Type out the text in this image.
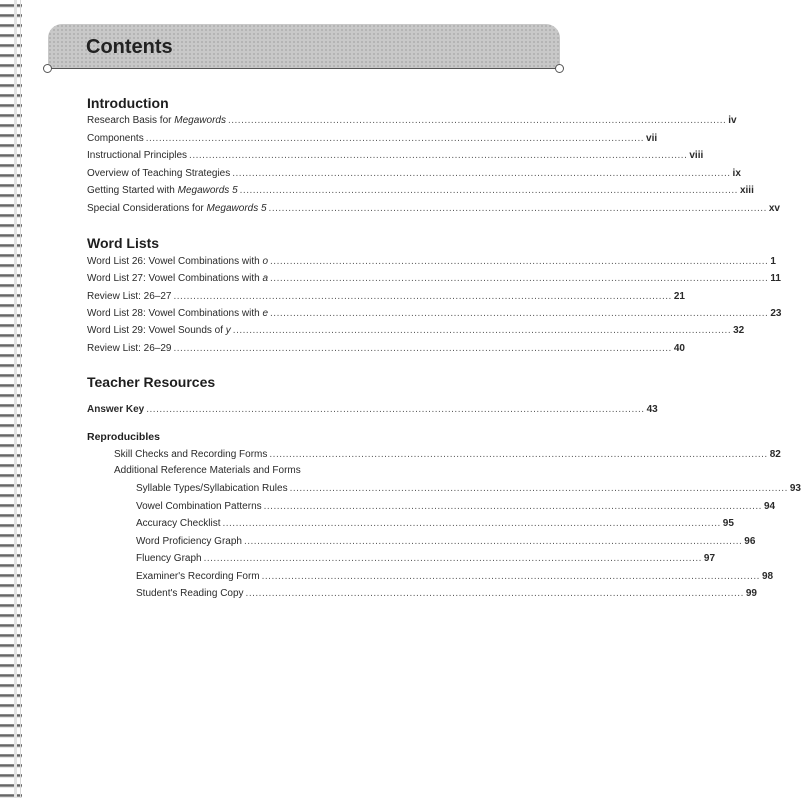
Contents
Introduction
Research Basis for Megawords ........................................................................................................................................................ iv
Components ........................................................................................................................................................ vii
Instructional Principles ........................................................................................................................................................ viii
Overview of Teaching Strategies ........................................................................................................................................................ ix
Getting Started with Megawords 5 ........................................................................................................................................................ xiii
Special Considerations for Megawords 5 ........................................................................................................................................................ xv
Word Lists
Word List 26: Vowel Combinations with o ........................................................................................................................................................ 1
Word List 27: Vowel Combinations with a ........................................................................................................................................................ 11
Review List: 26–27 ........................................................................................................................................................ 21
Word List 28: Vowel Combinations with e ........................................................................................................................................................ 23
Word List 29: Vowel Sounds of y ........................................................................................................................................................ 32
Review List: 26–29 ........................................................................................................................................................ 40
Teacher Resources
Answer Key ........................................................................................................................................................ 43
Reproducibles
Skill Checks and Recording Forms ........................................................................................................................................................ 82
Additional Reference Materials and Forms
Syllable Types/Syllabication Rules ........................................................................................................................................................ 93
Vowel Combination Patterns ........................................................................................................................................................ 94
Accuracy Checklist ........................................................................................................................................................ 95
Word Proficiency Graph ........................................................................................................................................................ 96
Fluency Graph ........................................................................................................................................................ 97
Examiner's Recording Form ........................................................................................................................................................ 98
Student's Reading Copy ........................................................................................................................................................ 99
